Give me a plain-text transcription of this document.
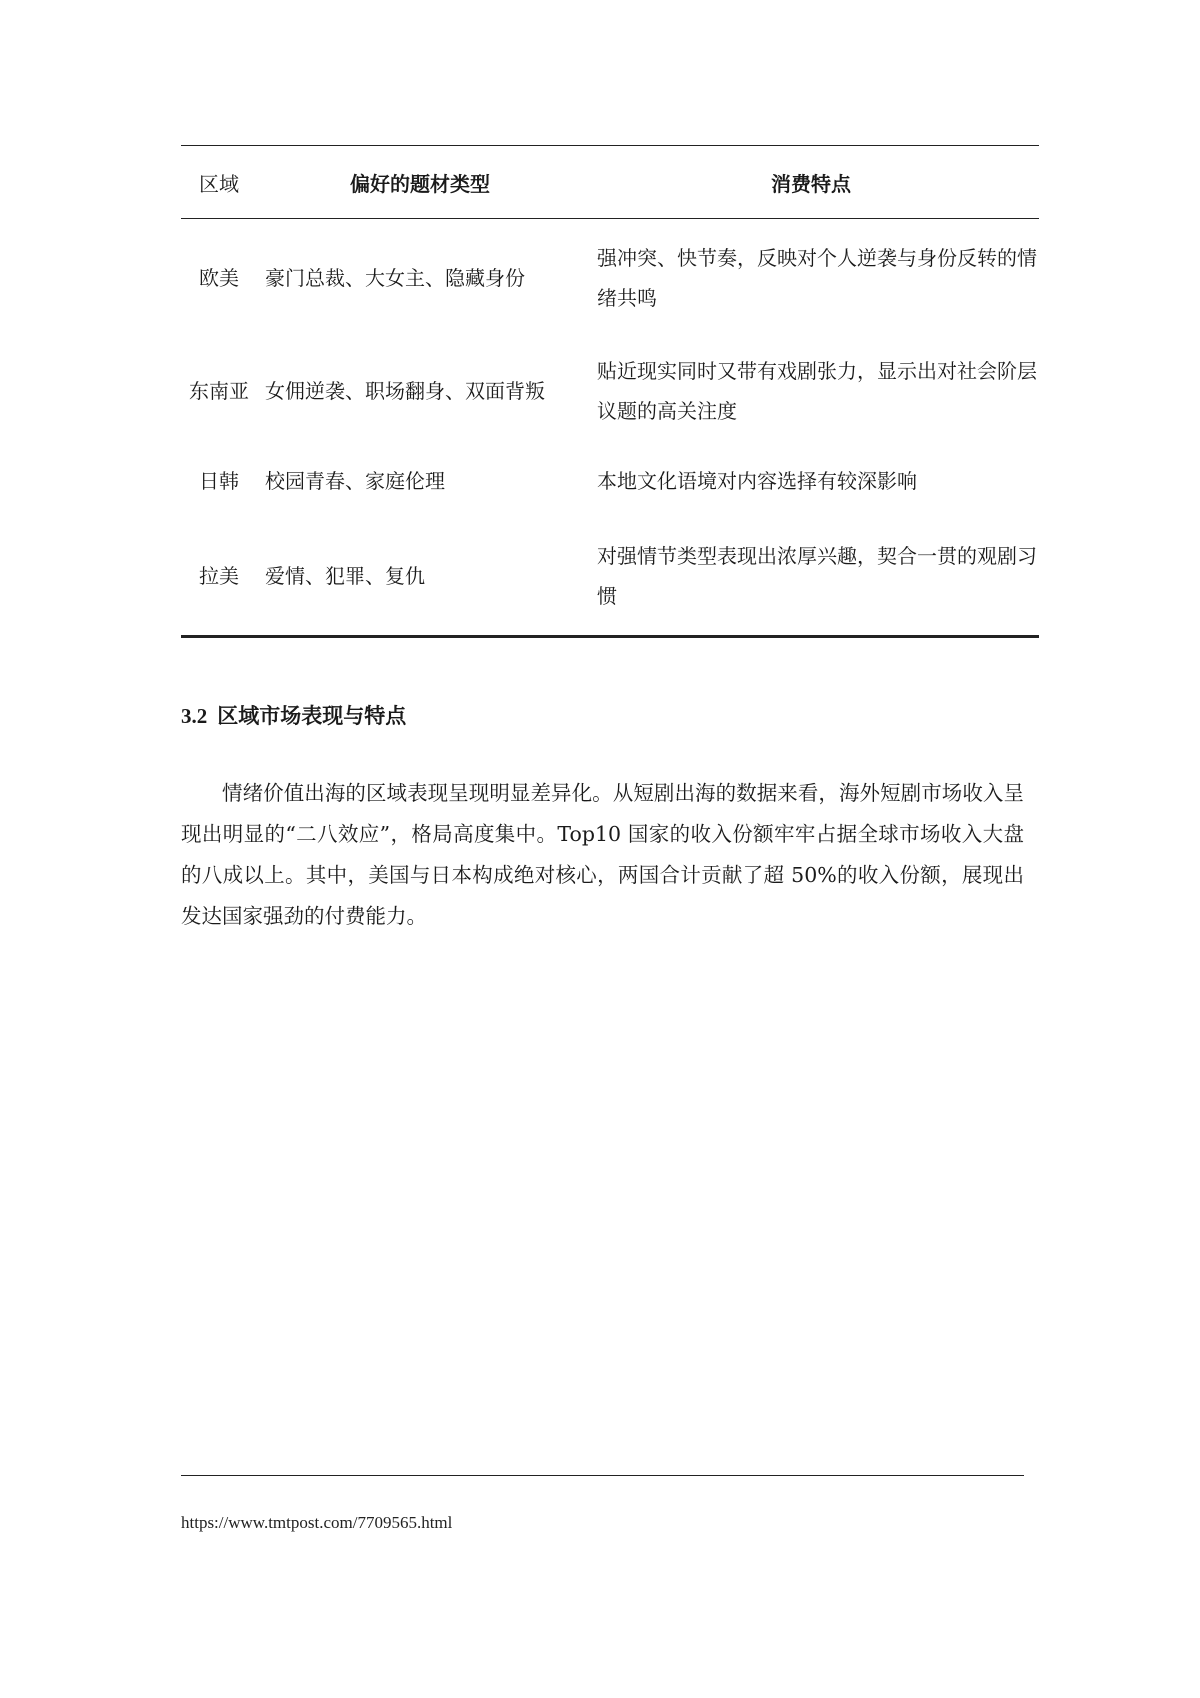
区域	偏好的题材类型	消费特点
欧美	豪门总裁、大女主、隐藏身份	强冲突、快节奏，反映对个人逆袭与身份反转的情绪共鸣
东南亚	女佣逆袭、职场翻身、双面背叛	贴近现实同时又带有戏剧张力，显示出对社会阶层议题的高关注度
日韩	校园青春、家庭伦理	本地文化语境对内容选择有较深影响
拉美	爱情、犯罪、复仇	对强情节类型表现出浓厚兴趣，契合一贯的观剧习惯
3.2 区域市场表现与特点

情绪价值出海的区域表现呈现明显差异化。从短剧出海的数据来看，海外短剧市场收入呈现出明显的“二八效应”，格局高度集中。Top10 国家的收入份额牢牢占据全球市场收入大盘的八成以上。其中，美国与日本构成绝对核心，两国合计贡献了超 50%的收入份额，展现出发达国家强劲的付费能力。

https://www.tmtpost.com/7709565.html
